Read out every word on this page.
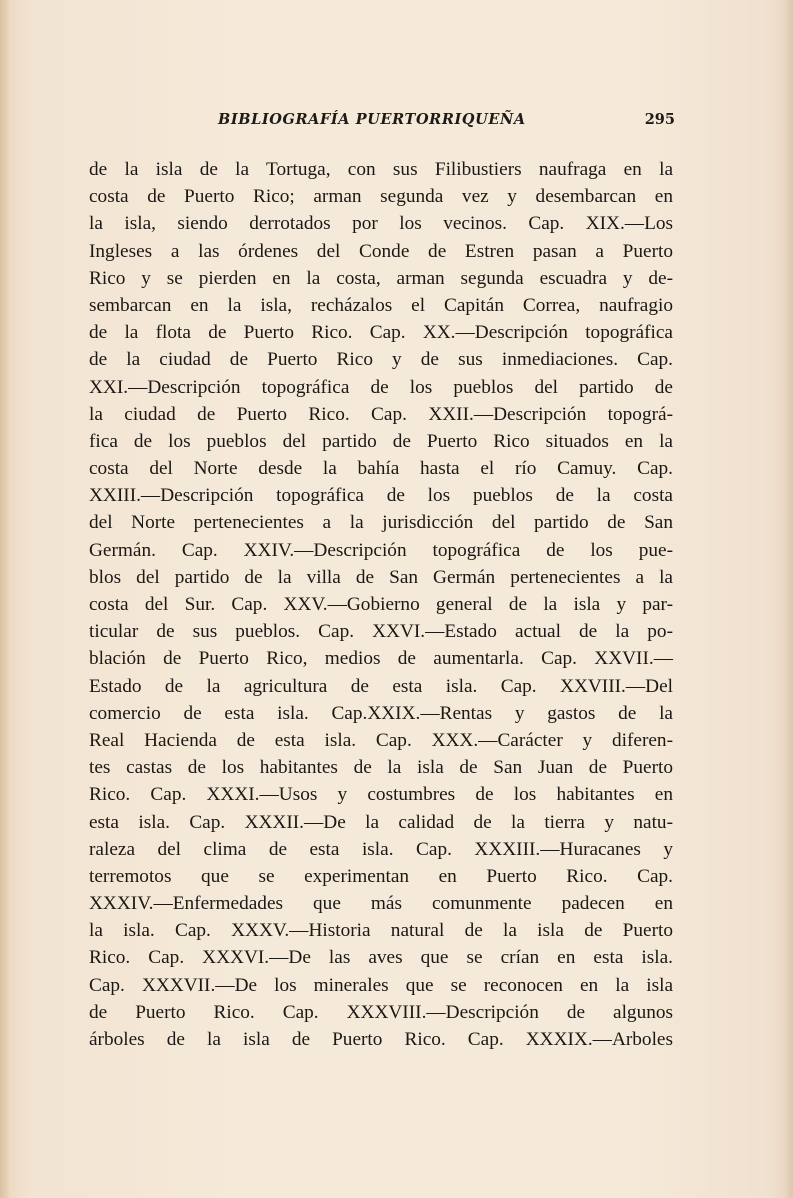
BIBLIOGRAFÍA PUERTORRIQUEÑA	295
de la isla de la Tortuga, con sus Filibustiers naufraga en la
costa de Puerto Rico; arman segunda vez y desembarcan en
la isla, siendo derrotados por los vecinos. Cap. XIX.—Los
Ingleses a las órdenes del Conde de Estren pasan a Puerto
Rico y se pierden en la costa, arman segunda escuadra y de-
sembarcan en la isla, recházalos el Capitán Correa, naufragio
de la flota de Puerto Rico. Cap. XX.—Descripción topográfica
de la ciudad de Puerto Rico y de sus inmediaciones. Cap.
XXI.—Descripción topográfica de los pueblos del partido de
la ciudad de Puerto Rico. Cap. XXII.—Descripción topográ-
fica de los pueblos del partido de Puerto Rico situados en la
costa del Norte desde la bahía hasta el río Camuy. Cap.
XXIII.—Descripción topográfica de los pueblos de la costa
del Norte pertenecientes a la jurisdicción del partido de San
Germán. Cap. XXIV.—Descripción topográfica de los pue-
blos del partido de la villa de San Germán pertenecientes a la
costa del Sur. Cap. XXV.—Gobierno general de la isla y par-
ticular de sus pueblos. Cap. XXVI.—Estado actual de la po-
blación de Puerto Rico, medios de aumentarla. Cap. XXVII.—
Estado de la agricultura de esta isla. Cap. XXVIII.—Del
comercio de esta isla. Cap.XXIX.—Rentas y gastos de la
Real Hacienda de esta isla. Cap. XXX.—Carácter y diferen-
tes castas de los habitantes de la isla de San Juan de Puerto
Rico. Cap. XXXI.—Usos y costumbres de los habitantes en
esta isla. Cap. XXXII.—De la calidad de la tierra y natu-
raleza del clima de esta isla. Cap. XXXIII.—Huracanes y
terremotos que se experimentan en Puerto Rico. Cap.
XXXIV.—Enfermedades que más comunmente padecen en
la isla. Cap. XXXV.—Historia natural de la isla de Puerto
Rico. Cap. XXXVI.—De las aves que se crían en esta isla.
Cap. XXXVII.—De los minerales que se reconocen en la isla
de Puerto Rico. Cap. XXXVIII.—Descripción de algunos
árboles de la isla de Puerto Rico. Cap. XXXIX.—Arboles
